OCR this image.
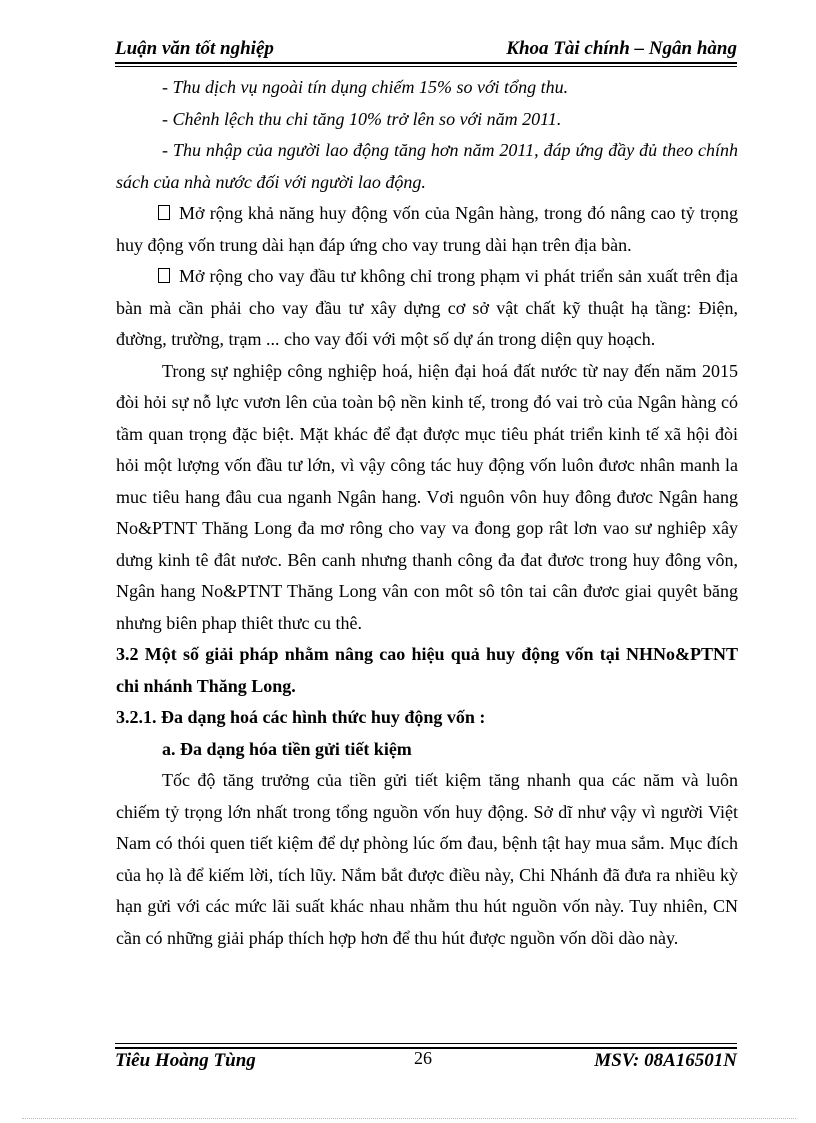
Luận văn tốt nghiệp	Khoa Tài chính – Ngân hàng

- Thu dịch vụ ngoài tín dụng chiếm 15% so với tổng thu.

- Chênh lệch thu chi tăng 10% trở lên so với năm 2011.

- Thu nhập của người lao động tăng hơn năm 2011, đáp ứng đầy đủ theo chính sách của nhà nước đối với người lao động.

Mở rộng khả năng huy động vốn của Ngân hàng, trong đó nâng cao tỷ trọng huy động vốn trung dài hạn đáp ứng cho vay trung dài hạn trên địa bàn.

Mở rộng cho vay đầu tư không chỉ trong phạm vi phát triển sản xuất trên địa bàn mà cần phải cho vay đầu tư xây dựng cơ sở vật chất kỹ thuật hạ tầng: Điện, đường, trường, trạm ... cho vay đối với một số dự án trong diện quy hoạch.

Trong sự nghiệp công nghiệp hoá, hiện đại hoá đất nước từ nay đến năm 2015 đòi hỏi sự nỗ lực vươn lên của toàn bộ nền kinh tế, trong đó vai trò của Ngân hàng có tầm quan trọng đặc biệt. Mặt khác để đạt được mục tiêu phát triển kinh tế xã hội đòi hỏi một lượng vốn đầu tư lớn, vì vậy công tác huy động vốn luôn đươc nhân manh la muc tiêu hang đâu cua nganh Ngân hang. Vơi nguôn vôn huy đông đươc Ngân hang No&PTNT Thăng Long đa mơ rông cho vay va đong gop rât lơn vao sư nghiêp xây dưng kinh tê đât nươc. Bên canh nhưng thanh công đa đat đươc trong huy đông vôn, Ngân hang No&PTNT Thăng Long vân con môt sô tôn tai cân đươc giai quyêt băng nhưng biên phap thiêt thưc cu thê.

3.2 Một số giải pháp nhằm nâng cao hiệu quả huy động vốn tại NHNo&PTNT chi nhánh Thăng Long.

3.2.1. Đa dạng hoá các hình thức huy động vốn :

a. Đa dạng hóa tiền gửi tiết kiệm

Tốc độ tăng trưởng của tiền gửi tiết kiệm tăng nhanh qua các năm và luôn chiếm tỷ trọng lớn nhất trong tổng nguồn vốn huy động. Sở dĩ như vậy vì người Việt Nam có thói quen tiết kiệm để dự phòng lúc ốm đau, bệnh tật hay mua sắm. Mục đích của họ là để kiếm lời, tích lũy. Nắm bắt được điều này, Chi Nhánh đã đưa ra nhiều kỳ hạn gửi với các mức lãi suất khác nhau nhằm thu hút nguồn vốn này. Tuy nhiên, CN cần có những giải pháp thích hợp hơn để thu hút được nguồn vốn dồi dào này.

Tiêu Hoàng Tùng	26	MSV: 08A16501N
